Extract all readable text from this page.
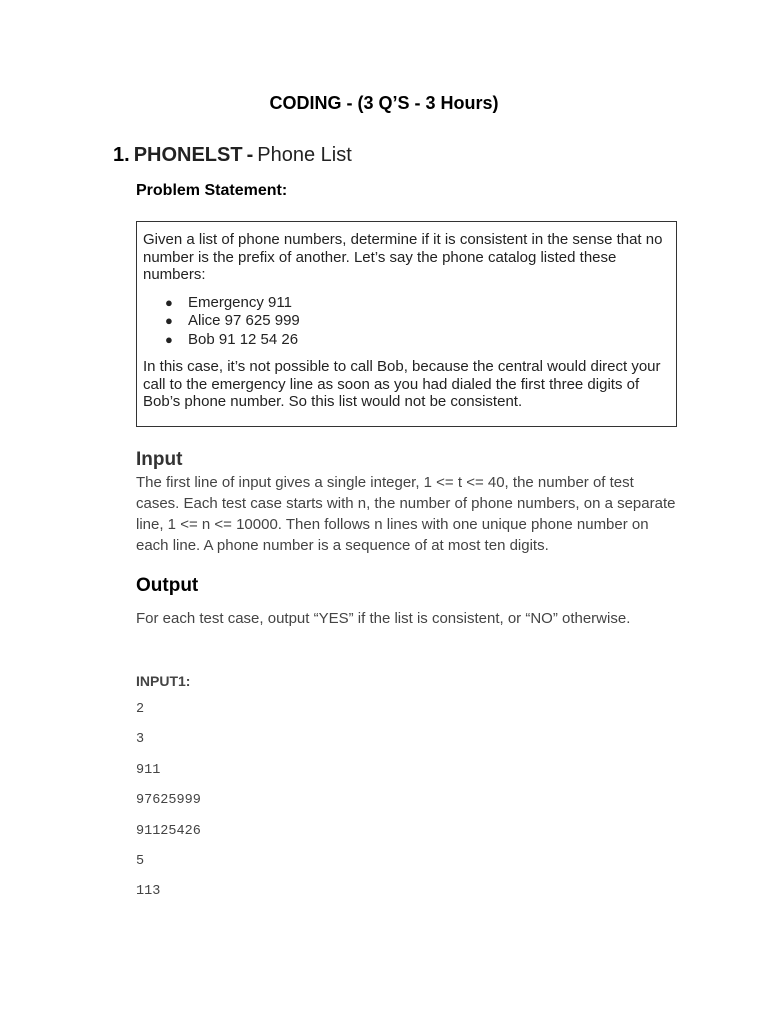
CODING - (3 Q’S - 3 Hours)
1. PHONELST - Phone List
Problem Statement:

Given a list of phone numbers, determine if it is consistent in the sense that no number is the prefix of another. Let’s say the phone catalog listed these numbers:

●	Emergency 911
●	Alice 97 625 999
●	Bob 91 12 54 26

In this case, it’s not possible to call Bob, because the central would direct your call to the emergency line as soon as you had dialed the first three digits of Bob’s phone number. So this list would not be consistent.

Input
The first line of input gives a single integer, 1 <= t <= 40, the number of test cases. Each test case starts with n, the number of phone numbers, on a separate line, 1 <= n <= 10000. Then follows n lines with one unique phone number on each line. A phone number is a sequence of at most ten digits.
Output
For each test case, output “YES” if the list is consistent, or “NO” otherwise.
INPUT1:
2
3
911
97625999
91125426
5
113
